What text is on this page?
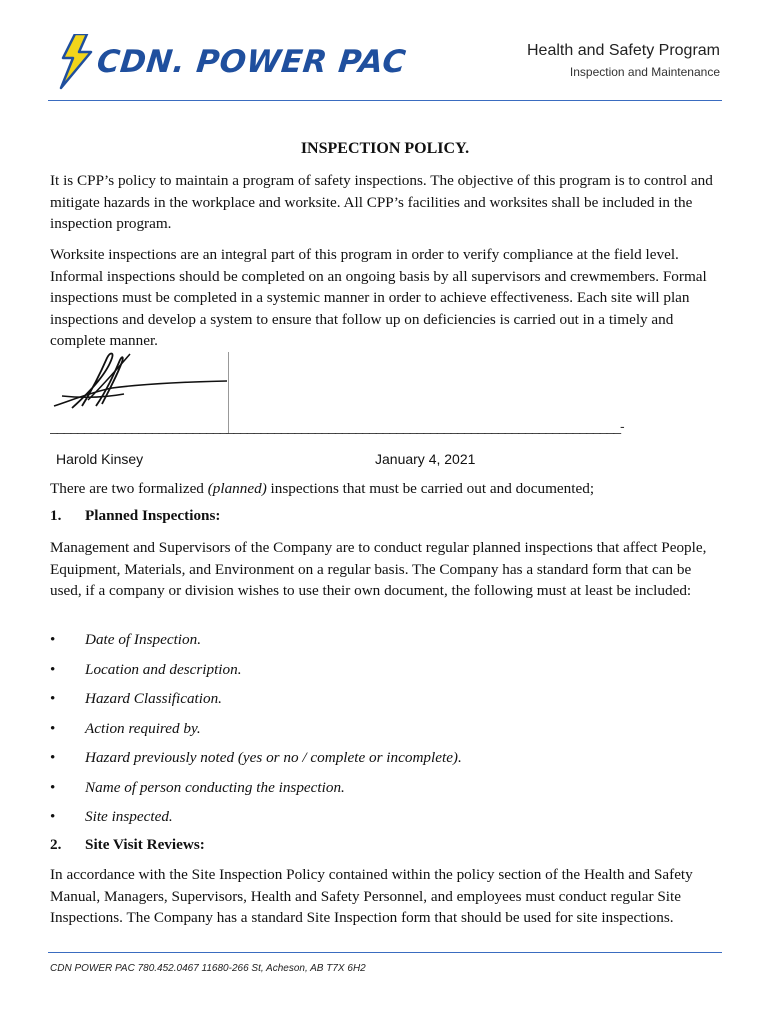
CDN. POWER PAC	Health and Safety Program
Inspection and Maintenance
INSPECTION POLICY.
It is CPP’s policy to maintain a program of safety inspections. The objective of this program is to control and mitigate hazards in the workplace and worksite. All CPP’s facilities and worksites shall be included in the inspection program.
Worksite inspections are an integral part of this program in order to verify compliance at the field level. Informal inspections should be completed on an ongoing basis by all supervisors and crewmembers. Formal inspections must be completed in a systemic manner in order to achieve effectiveness. Each site will plan inspections and develop a system to ensure that follow up on deficiencies is carried out in a timely and complete manner.
____________________________________________________________________________________-
Harold Kinsey	January 4, 2021
There are two formalized (planned) inspections that must be carried out and documented;
1. Planned Inspections:
Management and Supervisors of the Company are to conduct regular planned inspections that affect People, Equipment, Materials, and Environment on a regular basis. The Company has a standard form that can be used, if a company or division wishes to use their own document, the following must at least be included:
• Date of Inspection.
• Location and description.
• Hazard Classification.
• Action required by.
• Hazard previously noted (yes or no / complete or incomplete).
• Name of person conducting the inspection.
• Site inspected.
2. Site Visit Reviews:
In accordance with the Site Inspection Policy contained within the policy section of the Health and Safety Manual, Managers, Supervisors, Health and Safety Personnel, and employees must conduct regular Site Inspections. The Company has a standard Site Inspection form that should be used for site inspections.
CDN POWER PAC 780.452.0467 11680-266 St, Acheson, AB T7X 6H2
